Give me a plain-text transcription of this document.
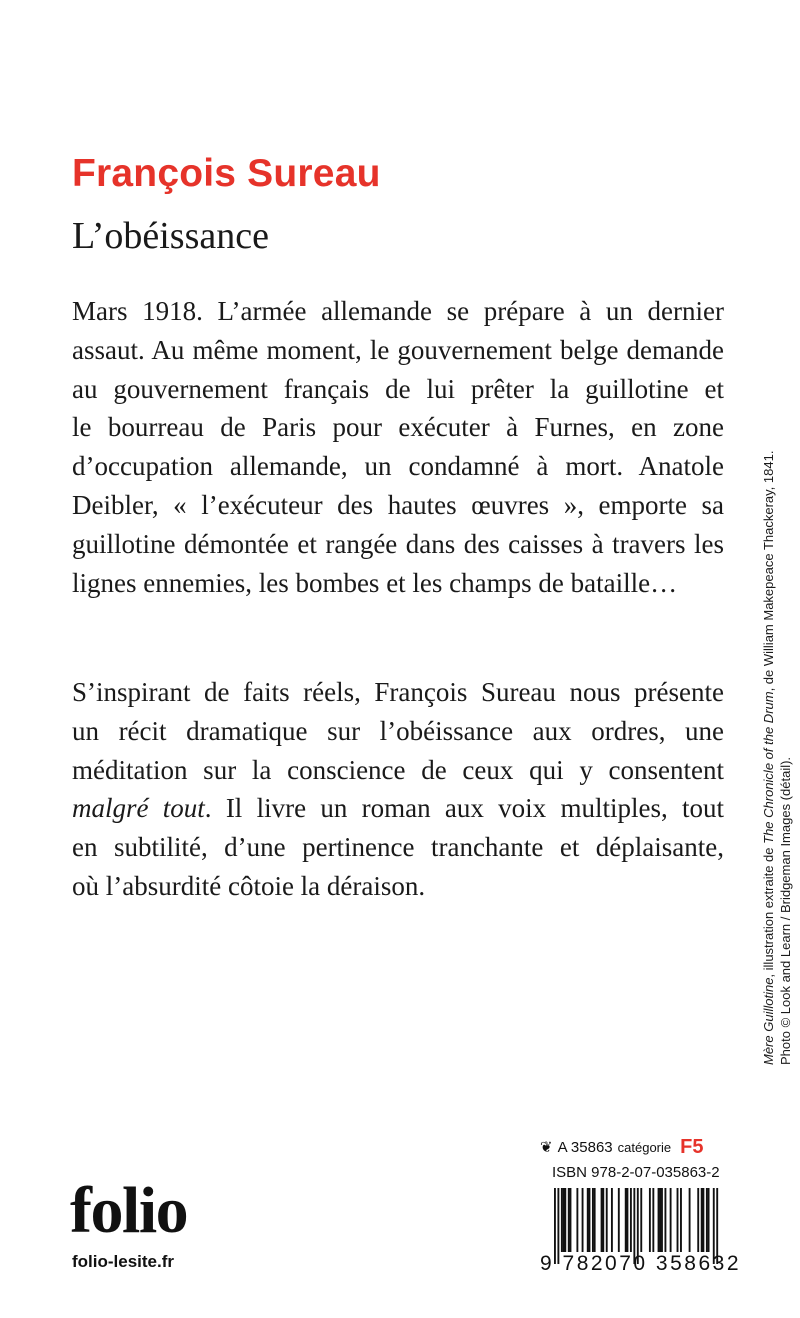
François Sureau
L’obéissance

Mars 1918. L’armée allemande se prépare à un dernier
assaut. Au même moment, le gouvernement belge demande
au gouvernement français de lui prêter la guillotine et
le bourreau de Paris pour exécuter à Furnes, en zone
d’occupation allemande, un condamné à mort. Anatole
Deibler, « l’exécuteur des hautes œuvres », emporte sa
guillotine démontée et rangée dans des caisses à travers les
lignes ennemies, les bombes et les champs de bataille…

S’inspirant de faits réels, François Sureau nous présente
un récit dramatique sur l’obéissance aux ordres, une
méditation sur la conscience de ceux qui y consentent
malgré tout. Il livre un roman aux voix multiples, tout
en subtilité, d’une pertinence tranchante et déplaisante,
où l’absurdité côtoie la déraison.

Mère Guillotine, illustration extraite de The Chronicle of the Drum, de William Makepeace Thackeray, 1841.
Photo © Look and Learn / Bridgeman Images (détail).
folio
folio-lesite.fr
❦ A 35863 catégorie F5
ISBN 978-2-07-035863-2
9 782070 358632
